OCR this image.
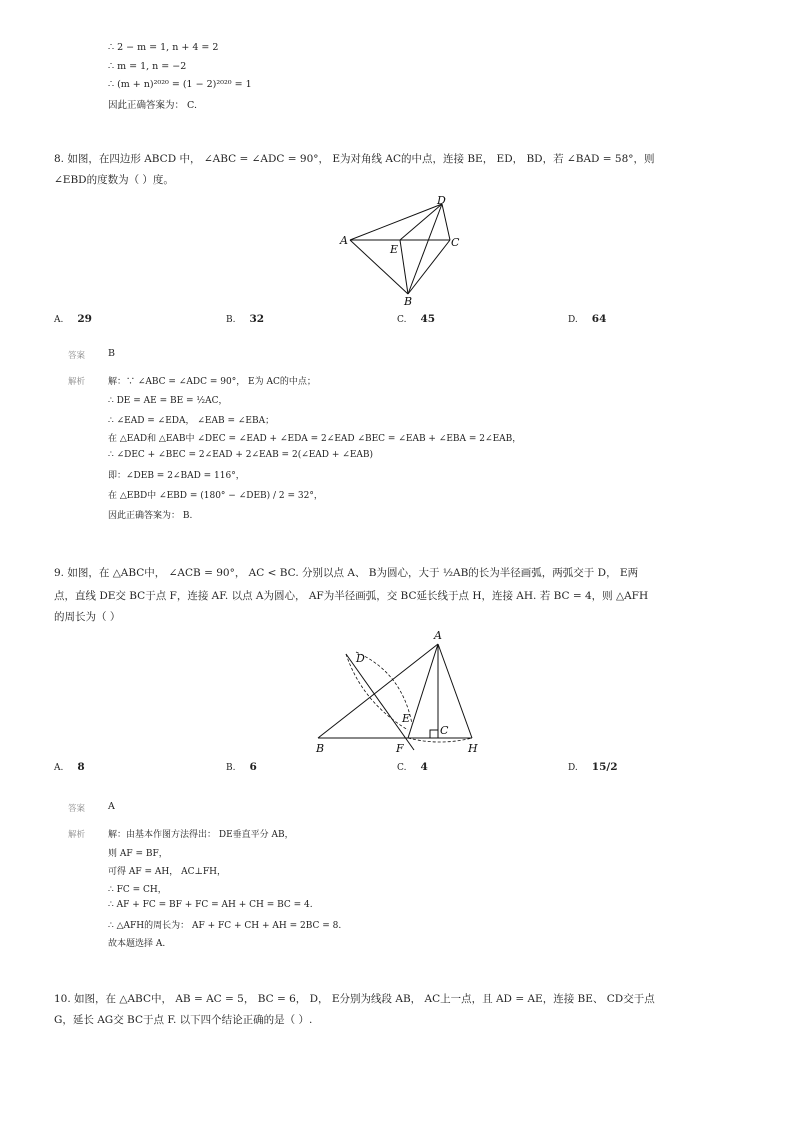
∴ 2 − m = 1, n + 4 = 2
∴ m = 1, n = −2
∴ (m + n)²⁰²⁰ = (1 − 2)²⁰²⁰ = 1
因此正确答案为： C.
8. 如图，在四边形 ABCD 中， ∠ABC = ∠ADC = 90°， E为对角线 AC的中点，连接 BE， ED， BD，若 ∠BAD = 58°，则
∠EBD的度数为（ ）度。
A
D
C
E
B
A. 29	B. 32	C. 45	D. 64
答案 B
解析	解：∵ ∠ABC = ∠ADC = 90°， E为 AC的中点；
∴ DE = AE = BE = ½AC，
∴ ∠EAD = ∠EDA， ∠EAB = ∠EBA；
在 △EAD和 △EAB中 ∠DEC = ∠EAD + ∠EDA = 2∠EAD ∠BEC = ∠EAB + ∠EBA = 2∠EAB，
∴ ∠DEC + ∠BEC = 2∠EAD + 2∠EAB = 2(∠EAD + ∠EAB)
即：∠DEB = 2∠BAD = 116°，
在 △EBD中 ∠EBD = (180° − ∠DEB) / 2 = 32°，
因此正确答案为： B.
9. 如图，在 △ABC中， ∠ACB = 90°， AC < BC. 分别以点 A、 B为圆心，大于 ½AB的长为半径画弧，两弧交于 D， E两
点，直线 DE交 BC于点 F，连接 AF. 以点 A为圆心， AF为半径画弧，交 BC延长线于点 H，连接 AH. 若 BC = 4，则 △AFH
的周长为（ ）
A
D
E
C
B	F	H
A. 8	B. 6	C. 4	D. 15/2
答案 A
解析	解：由基本作图方法得出： DE垂直平分 AB，
则 AF = BF，
可得 AF = AH， AC⊥FH，
∴ FC = CH，
∴ AF + FC = BF + FC = AH + CH = BC = 4.
∴ △AFH的周长为： AF + FC + CH + AH = 2BC = 8.
故本题选择 A.
10. 如图，在 △ABC中， AB = AC = 5， BC = 6， D， E分别为线段 AB， AC上一点，且 AD = AE，连接 BE、 CD交于点
G，延长 AG交 BC于点 F. 以下四个结论正确的是（ ）.
